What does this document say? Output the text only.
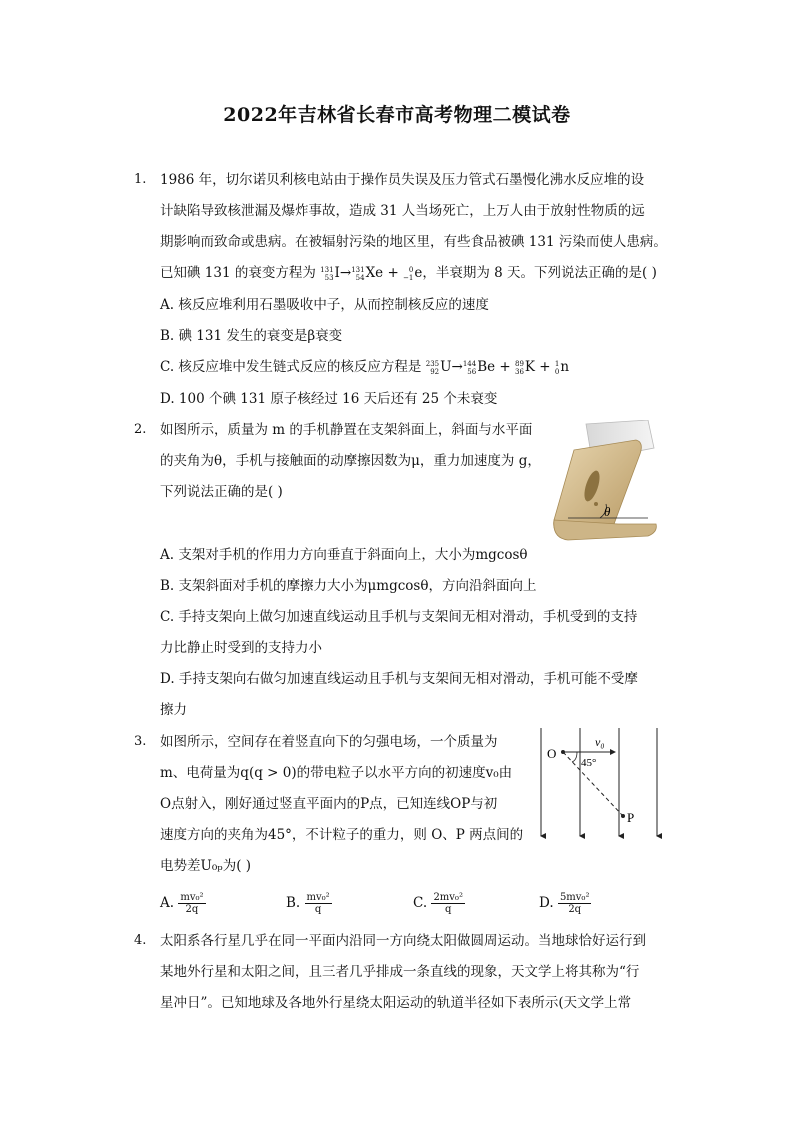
2022年吉林省长春市高考物理二模试卷
1. 1986 年，切尔诺贝利核电站由于操作员失误及压力管式石墨慢化沸水反应堆的设
计缺陷导致核泄漏及爆炸事故，造成 31 人当场死亡，上万人由于放射性物质的远
期影响而致命或患病。在被辐射污染的地区里，有些食品被碘 131 污染而使人患病。
已知碘 131 的衰变方程为 131
53 I→ 131
54 Xe + 0
−1 e，半衰期为 8 天。下列说法正确的是( )
A. 核反应堆利用石墨吸收中子，从而控制核反应的速度
B. 碘 131 发生的衰变是β衰变
C. 核反应堆中发生链式反应的核反应方程是 235
92 U→ 144
56 Be + 89
36 K + 1
0 n
D. 100 个碘 131 原子核经过 16 天后还有 25 个未衰变
2. 如图所示，质量为 m 的手机静置在支架斜面上，斜面与水平面
的夹角为θ，手机与接触面的动摩擦因数为μ，重力加速度为 g，
下列说法正确的是( )
θ
A. 支架对手机的作用力方向垂直于斜面向上，大小为mgcosθ
B. 支架斜面对手机的摩擦力大小为μmgcosθ，方向沿斜面向上
C. 手持支架向上做匀加速直线运动且手机与支架间无相对滑动，手机受到的支持
力比静止时受到的支持力小
D. 手持支架向右做匀加速直线运动且手机与支架间无相对滑动，手机可能不受摩
擦力
3. 如图所示，空间存在着竖直向下的匀强电场，一个质量为
m、电荷量为q(q > 0)的带电粒子以水平方向的初速度v₀由
O点射入，刚好通过竖直平面内的P点，已知连线OP与初
速度方向的夹角为45°，不计粒子的重力，则 O、P 两点间的
电势差U₀ₚ为( )
O
P
v₀
45°
A. $\frac{\text{mv₀²}}{2q}$	B. $\frac{\text{mv₀²}}{q}$	C. $\frac{\text{2mv₀²}}{q}$	D. $\frac{\text{5mv₀²}}{2q}$
4. 太阳系各行星几乎在同一平面内沿同一方向绕太阳做圆周运动。当地球恰好运行到
某地外行星和太阳之间，且三者几乎排成一条直线的现象，天文学上将其称为“行
星冲日”。已知地球及各地外行星绕太阳运动的轨道半径如下表所示(天文学上常
